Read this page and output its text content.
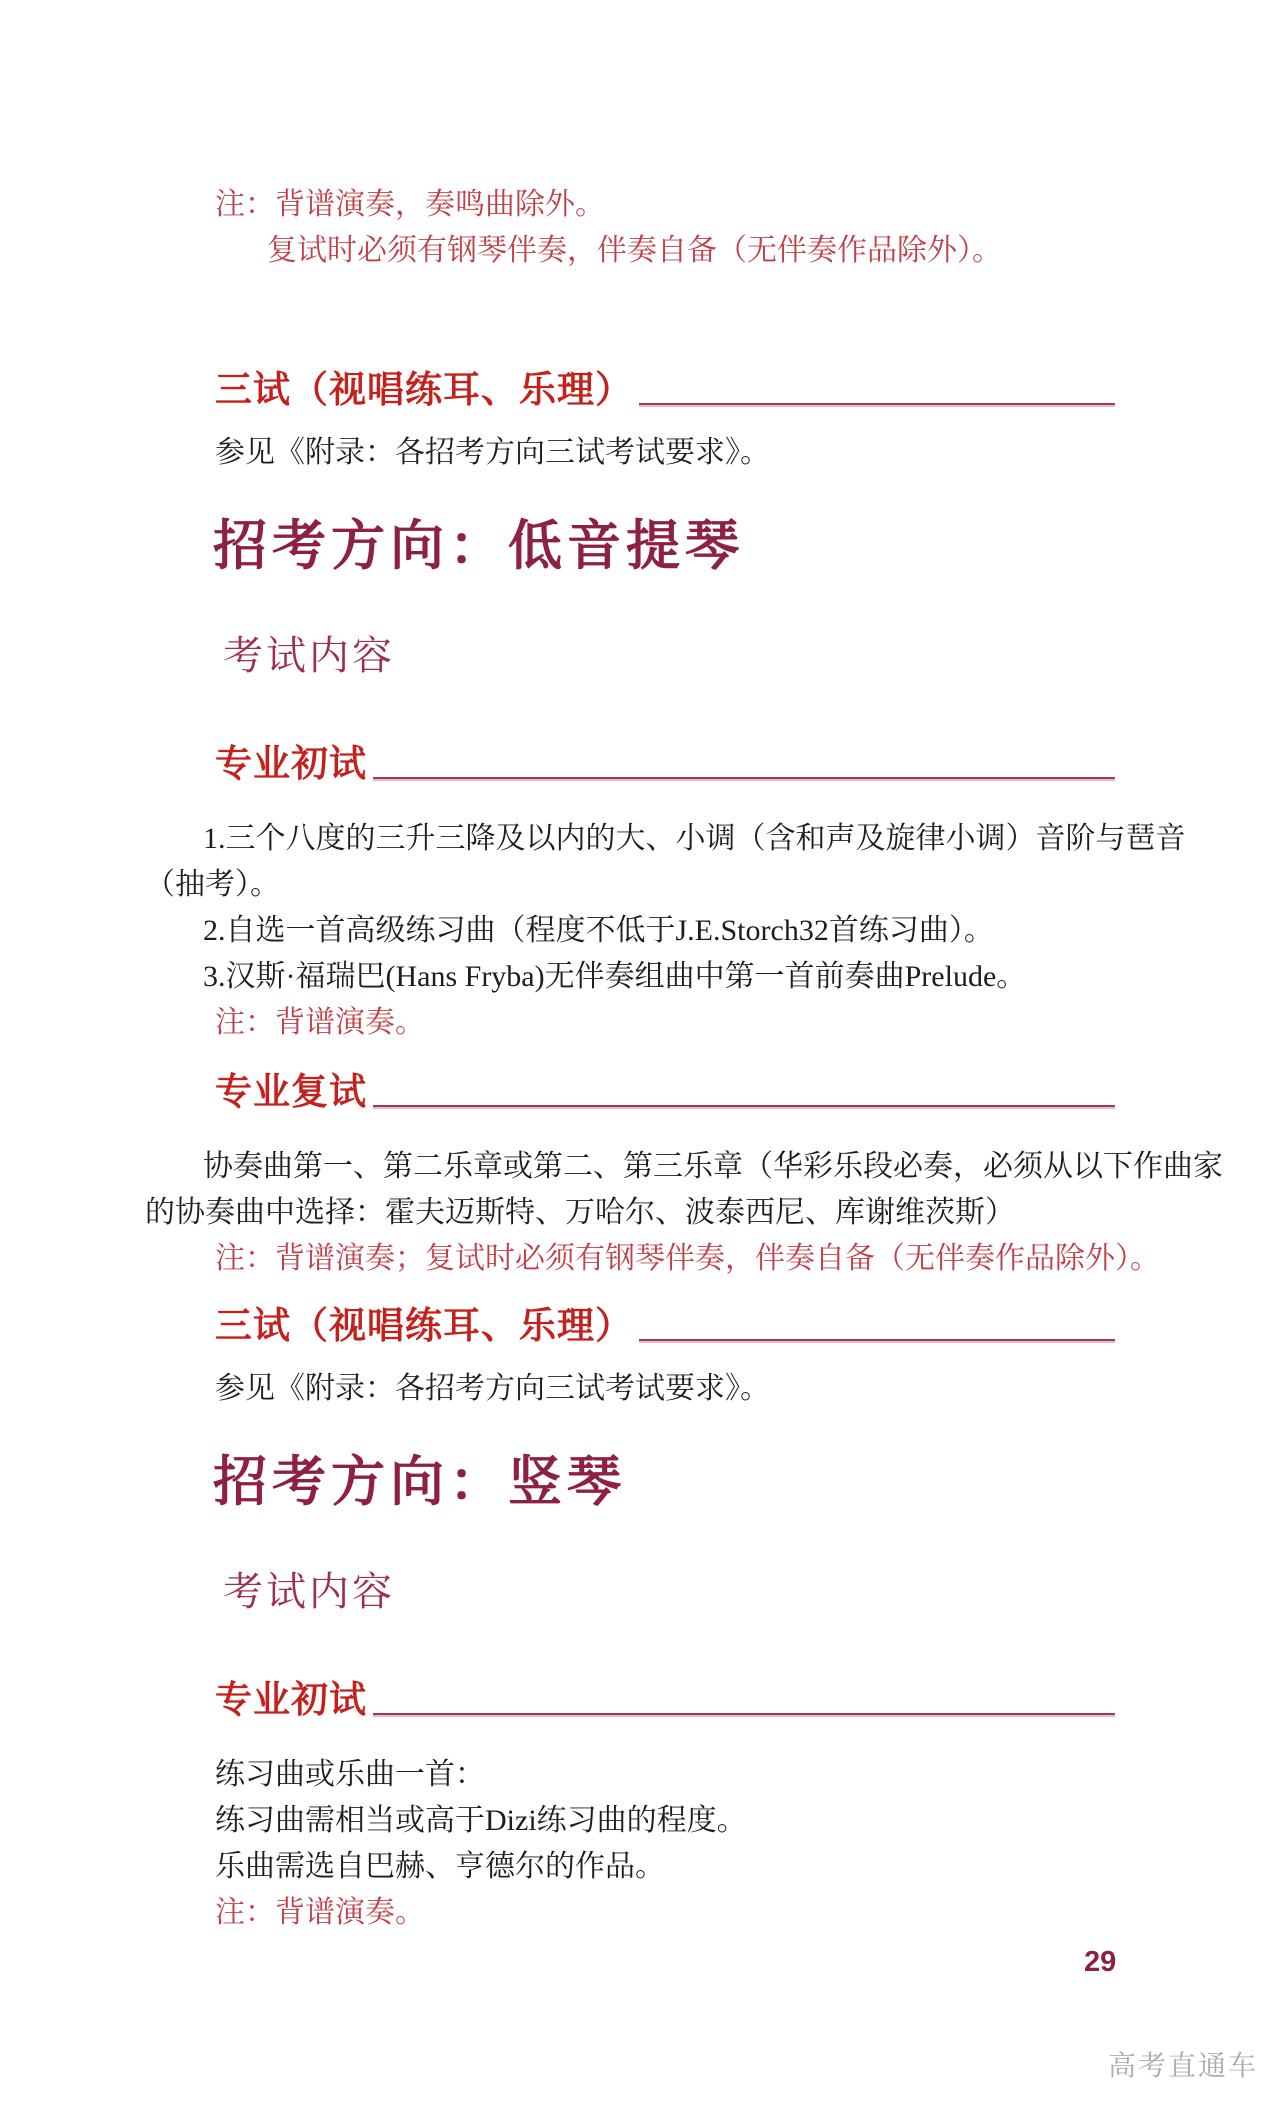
注：背谱演奏，奏鸣曲除外。

复试时必须有钢琴伴奏，伴奏自备（无伴奏作品除外）。

三试（视唱练耳、乐理）

参见《附录：各招考方向三试考试要求》。

招考方向：低音提琴
考试内容
专业初试

1.三个八度的三升三降及以内的大、小调（含和声及旋律小调）音阶与琶音

（抽考）。

2.自选一首高级练习曲（程度不低于J.E.Storch32首练习曲）。

3.汉斯·福瑞巴(Hans Fryba)无伴奏组曲中第一首前奏曲Prelude。

注：背谱演奏。

专业复试

协奏曲第一、第二乐章或第二、第三乐章（华彩乐段必奏，必须从以下作曲家

的协奏曲中选择：霍夫迈斯特、万哈尔、波泰西尼、库谢维茨斯）

注：背谱演奏；复试时必须有钢琴伴奏，伴奏自备（无伴奏作品除外）。

三试（视唱练耳、乐理）

参见《附录：各招考方向三试考试要求》。

招考方向：竖琴
考试内容
专业初试

练习曲或乐曲一首：

练习曲需相当或高于Dizi练习曲的程度。

乐曲需选自巴赫、亨德尔的作品。

注：背谱演奏。

29
高考直通车
